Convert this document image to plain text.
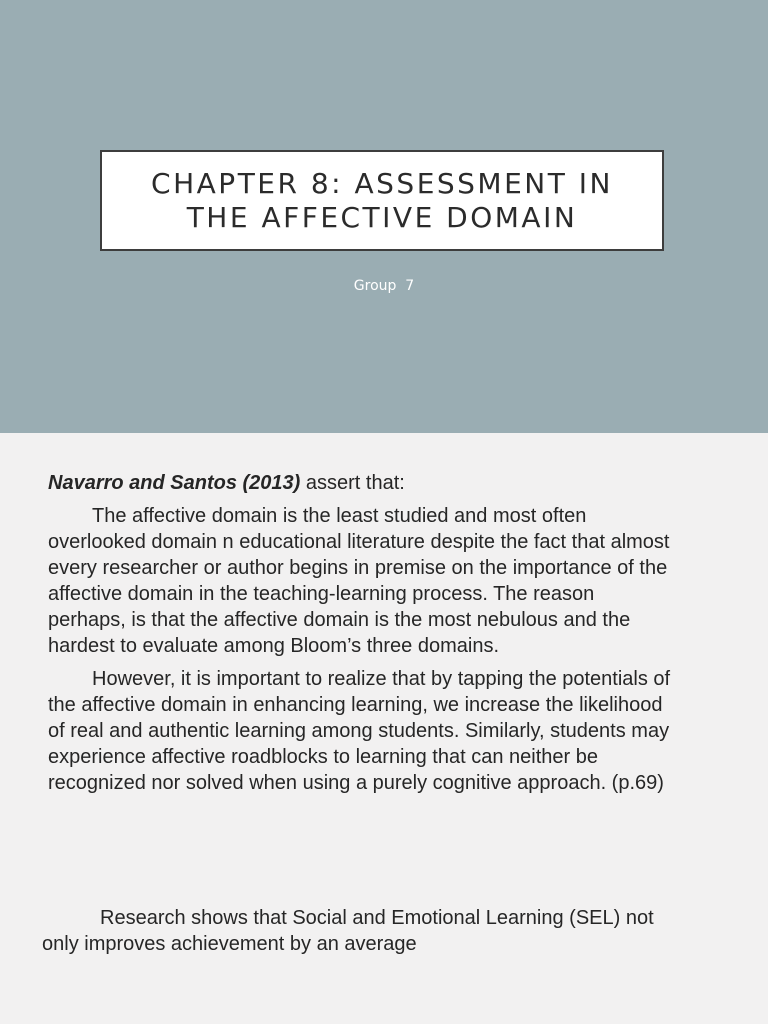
CHAPTER 8: ASSESSMENT IN
THE AFFECTIVE DOMAIN
Group  7
Navarro and Santos (2013) assert that:
The affective domain is the least studied and most often
overlooked domain n educational literature despite the fact that almost
every researcher or author begins in premise on the importance of the
affective domain in the teaching-learning process. The reason
perhaps, is that the affective domain is the most nebulous and the
hardest to evaluate among Bloom’s three domains.
However, it is important to realize that by tapping the potentials of
the affective domain in enhancing learning, we increase the likelihood
of real and authentic learning among students. Similarly, students may
experience affective roadblocks to learning that can neither be
recognized nor solved when using a purely cognitive approach. (p.69)
Research shows that Social and Emotional Learning (SEL) not
only improves achievement by an average
